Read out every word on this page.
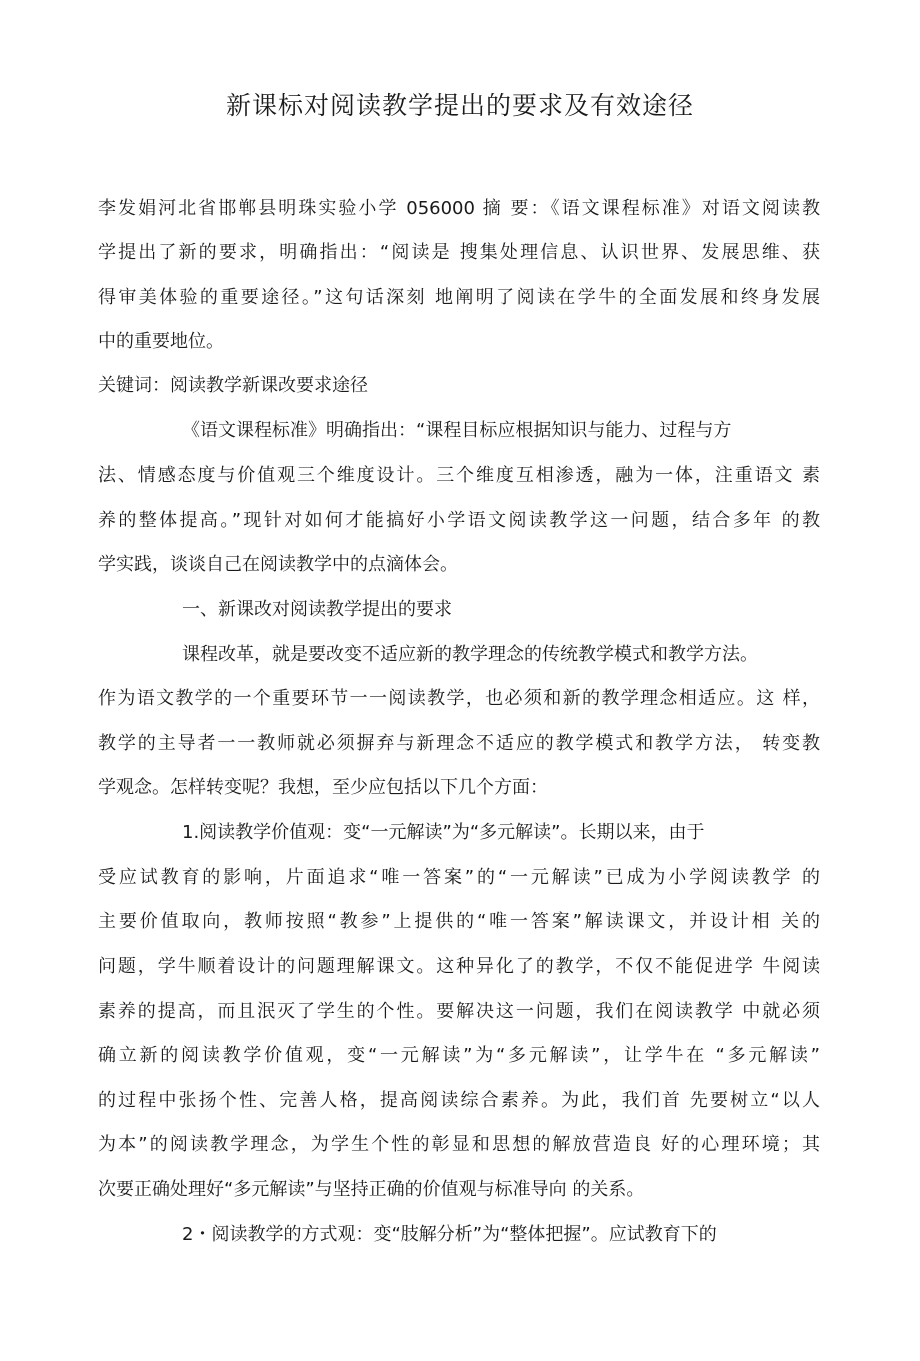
新课标对阅读教学提出的要求及有效途径
李发娟河北省邯郸县明珠实验小学 056000 摘 要：《语文课程标准》对语文阅读教
学提出了新的要求，明确指出：“阅读是 搜集处理信息、认识世界、发展思维、获
得审美体验的重要途径。”这句话深刻 地阐明了阅读在学牛的全面发展和终身发展
中的重要地位。
关键词：阅读教学新课改要求途径
《语文课程标准》明确指出：“课程目标应根据知识与能力、过程与方
法、情感态度与价值观三个维度设计。三个维度互相渗透，融为一体，注重语文 素
养的整体提高。”现针对如何才能搞好小学语文阅读教学这一问题，结合多年 的教
学实践，谈谈自己在阅读教学中的点滴体会。
一、新课改对阅读教学提出的要求
课程改革，就是要改变不适应新的教学理念的传统教学模式和教学方法。
作为语文教学的一个重要环节一一阅读教学，也必须和新的教学理念相适应。这 样，
教学的主导者一一教师就必须摒弃与新理念不适应的教学模式和教学方法， 转变教
学观念。怎样转变呢？我想，至少应包括以下几个方面：
1.阅读教学价值观：变“一元解读”为“多元解读”。长期以来，由于
受应试教育的影响，片面追求“唯一答案”的“一元解读”已成为小学阅读教学 的
主要价值取向，教师按照“教参”上提供的“唯一答案”解读课文，并设计相 关的
问题，学牛顺着设计的问题理解课文。这种异化了的教学，不仅不能促进学 牛阅读
素养的提高，而且泯灭了学生的个性。要解决这一问题，我们在阅读教学 中就必须
确立新的阅读教学价值观，变“一元解读”为“多元解读”，让学牛在 “多元解读”
的过程中张扬个性、完善人格，提高阅读综合素养。为此，我们首 先要树立“以人
为本”的阅读教学理念，为学生个性的彰显和思想的解放营造良 好的心理环境；其
次要正确处理好“多元解读”与坚持正确的价值观与标准导向 的关系。
2・阅读教学的方式观：变“肢解分析”为“整体把握”。应试教育下的
